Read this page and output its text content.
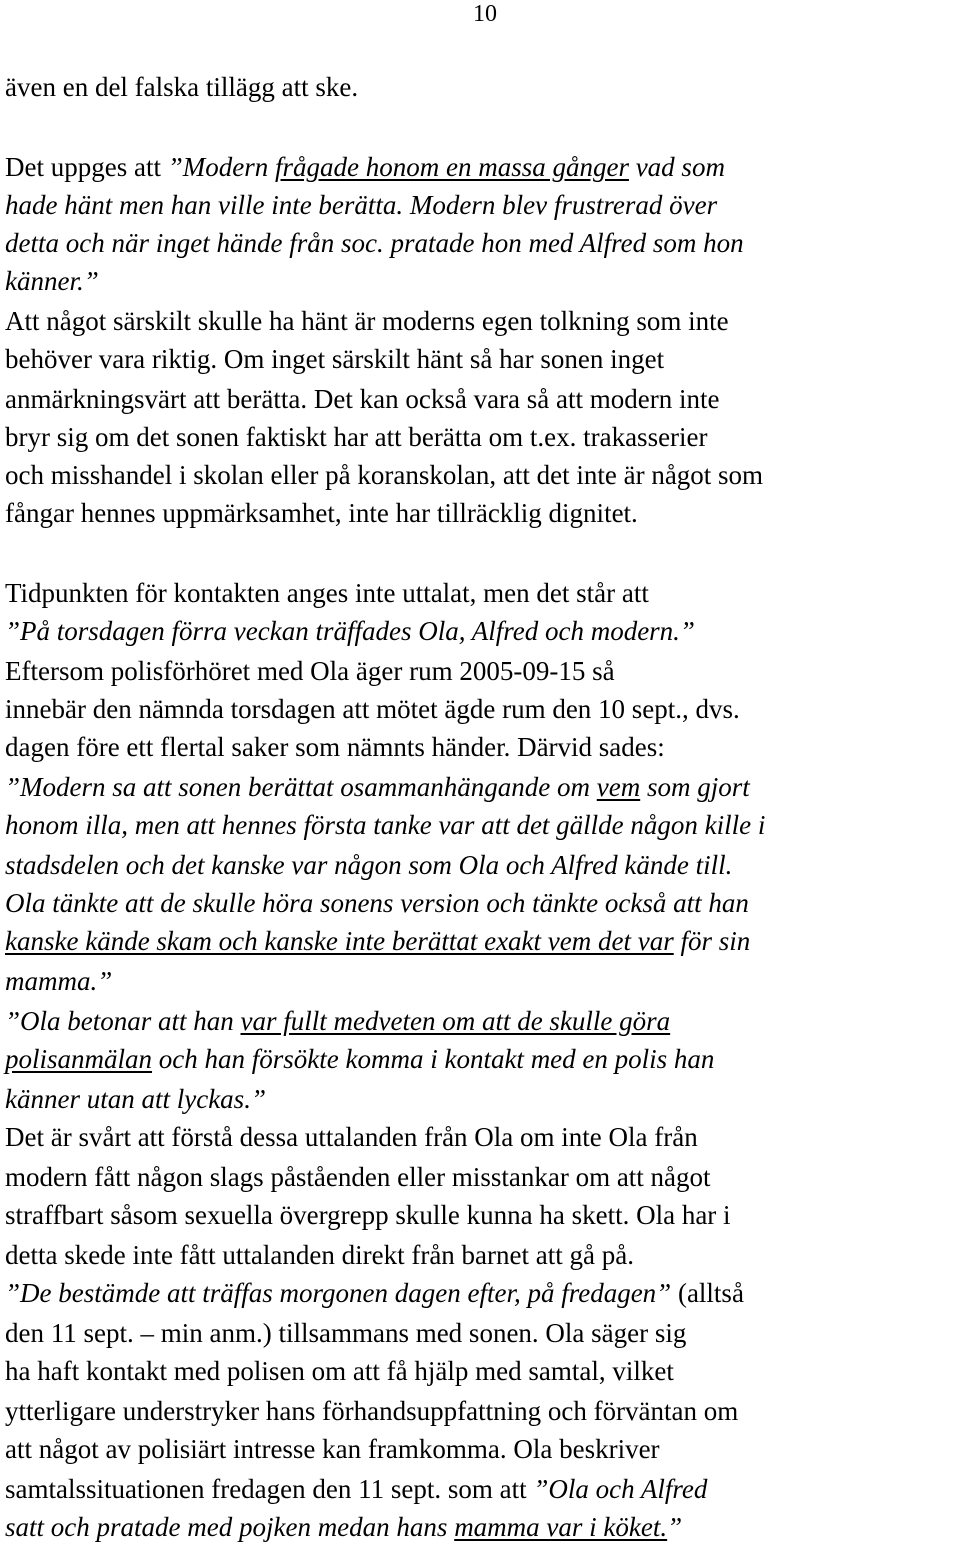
10
även en del falska tillägg att ske.
Det uppges att ”Modern frågade honom en massa gånger vad som
hade hänt men han ville inte berätta. Modern blev frustrerad över
detta och när inget hände från soc. pratade hon med Alfred som hon
känner.”
Att något särskilt skulle ha hänt är moderns egen tolkning som inte
behöver vara riktig. Om inget särskilt hänt så har sonen inget
anmärkningsvärt att berätta. Det kan också vara så att modern inte
bryr sig om det sonen faktiskt har att berätta om t.ex. trakasserier
och misshandel i skolan eller på koranskolan, att det inte är något som
fångar hennes uppmärksamhet, inte har tillräcklig dignitet.
Tidpunkten för kontakten anges inte uttalat, men det står att
”På torsdagen förra veckan träffades Ola, Alfred och modern.”
Eftersom polisförhöret med Ola äger rum 2005-09-15 så
innebär den nämnda torsdagen att mötet ägde rum den 10 sept., dvs.
dagen före ett flertal saker som nämnts händer. Därvid sades:
”Modern sa att sonen berättat osammanhängande om vem som gjort
honom illa, men att hennes första tanke var att det gällde någon kille i
stadsdelen och det kanske var någon som Ola och Alfred kände till.
Ola tänkte att de skulle höra sonens version och tänkte också att han
kanske kände skam och kanske inte berättat exakt vem det var för sin
mamma.”
”Ola betonar att han var fullt medveten om att de skulle göra
polisanmälan och han försökte komma i kontakt med en polis han
känner utan att lyckas.”
Det är svårt att förstå dessa uttalanden från Ola om inte Ola från
modern fått någon slags påståenden eller misstankar om att något
straffbart såsom sexuella övergrepp skulle kunna ha skett. Ola har i
detta skede inte fått uttalanden direkt från barnet att gå på.
”De bestämde att träffas morgonen dagen efter, på fredagen” (alltså
den 11 sept. – min anm.) tillsammans med sonen. Ola säger sig
ha haft kontakt med polisen om att få hjälp med samtal, vilket
ytterligare understryker hans förhandsuppfattning och förväntan om
att något av polisiärt intresse kan framkomma. Ola beskriver
samtalssituationen fredagen den 11 sept. som att ”Ola och Alfred
satt och pratade med pojken medan hans mamma var i köket.”
